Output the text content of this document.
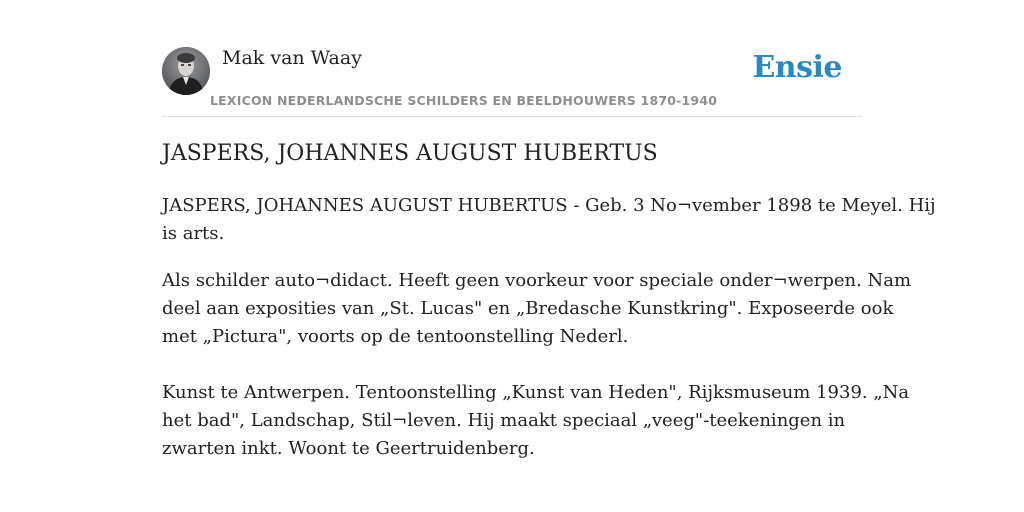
Mak van Waay
LEXICON NEDERLANDSCHE SCHILDERS EN BEELDHOUWERS 1870-1940
Ensie
JASPERS, JOHANNES AUGUST HUBERTUS

JASPERS, JOHANNES AUGUST HUBERTUS - Geb. 3 No¬vember 1898 te Meyel. Hij
is arts.

Als schilder auto¬didact. Heeft geen voorkeur voor speciale onder¬werpen. Nam
deel aan exposities van „St. Lucas" en „Bredasche Kunstkring". Exposeerde ook
met „Pictura", voorts op de tentoonstelling Nederl.
Kunst te Antwerpen. Tentoonstelling „Kunst van Heden", Rijksmuseum 1939. „Na
het bad", Landschap, Stil¬leven. Hij maakt speciaal „veeg"-teekeningen in
zwarten inkt. Woont te Geertruidenberg.
